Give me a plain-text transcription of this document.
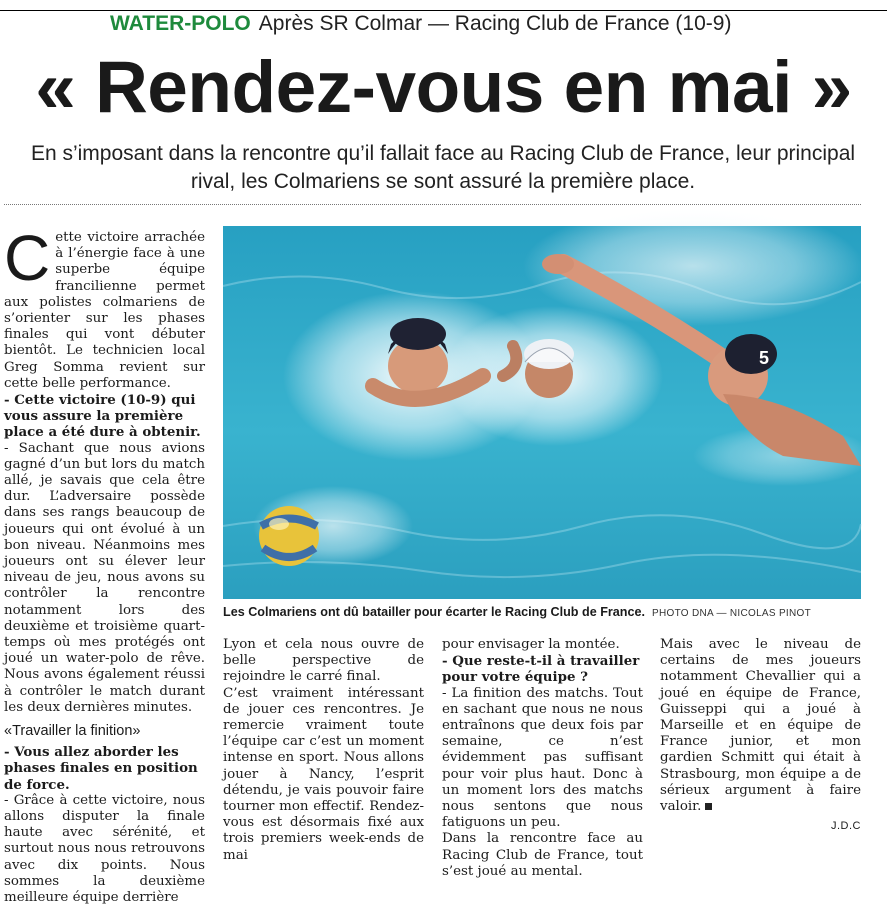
WATER-POLO Après SR Colmar — Racing Club de France (10-9)
« Rendez-vous en mai »

En s’imposant dans la rencontre qu’il fallait face au Racing Club de France, leur principal rival, les Colmariens se sont assuré la première place.

Cette victoire arrachée à l’énergie face à une superbe équipe francilienne permet aux polistes colmariens de s’orienter sur les phases finales qui vont débuter bientôt. Le technicien local Greg Somma revient sur cette belle performance.

- Cette victoire (10-9) qui vous assure la première place a été dure à obtenir.

- Sachant que nous avions gagné d’un but lors du match allé, je savais que cela être dur. L’adversaire possède dans ses rangs beaucoup de joueurs qui ont évolué à un bon niveau. Néanmoins mes joueurs ont su élever leur niveau de jeu, nous avons su contrôler la rencontre notamment lors des deuxième et troisième quart-temps où mes protégés ont joué un water-polo de rêve. Nous avons également réussi à contrôler le match durant les deux dernières minutes.

«Travailler la finition»

- Vous allez aborder les phases finales en position de force.

- Grâce à cette victoire, nous allons disputer la finale haute avec sérénité, et surtout nous nous retrouvons avec dix points. Nous sommes la deuxième meilleure équipe derrière

5
Les Colmariens ont dû batailler pour écarter le Racing Club de France. PHOTO DNA — NICOLAS PINOT

Lyon et cela nous ouvre de belle perspective de rejoindre le carré final.

C’est vraiment intéressant de jouer ces rencontres. Je remercie vraiment toute l’équipe car c’est un moment intense en sport. Nous allons jouer à Nancy, l’esprit détendu, je vais pouvoir faire tourner mon effectif. Rendez-vous est désormais fixé aux trois premiers week-ends de mai

pour envisager la montée.

- Que reste-t-il à travailler pour votre équipe ?

- La finition des matchs. Tout en sachant que nous ne nous entraînons que deux fois par semaine, ce n’est évidemment pas suffisant pour voir plus haut. Donc à un moment lors des matchs nous sentons que nous fatiguons un peu.

Dans la rencontre face au Racing Club de France, tout s’est joué au mental.

Mais avec le niveau de certains de mes joueurs notamment Chevallier qui a joué en équipe de France, Guisseppi qui a joué à Marseille et en équipe de France junior, et mon gardien Schmitt qui était à Strasbourg, mon équipe a de sérieux argument à faire valoir.

J.D.C
